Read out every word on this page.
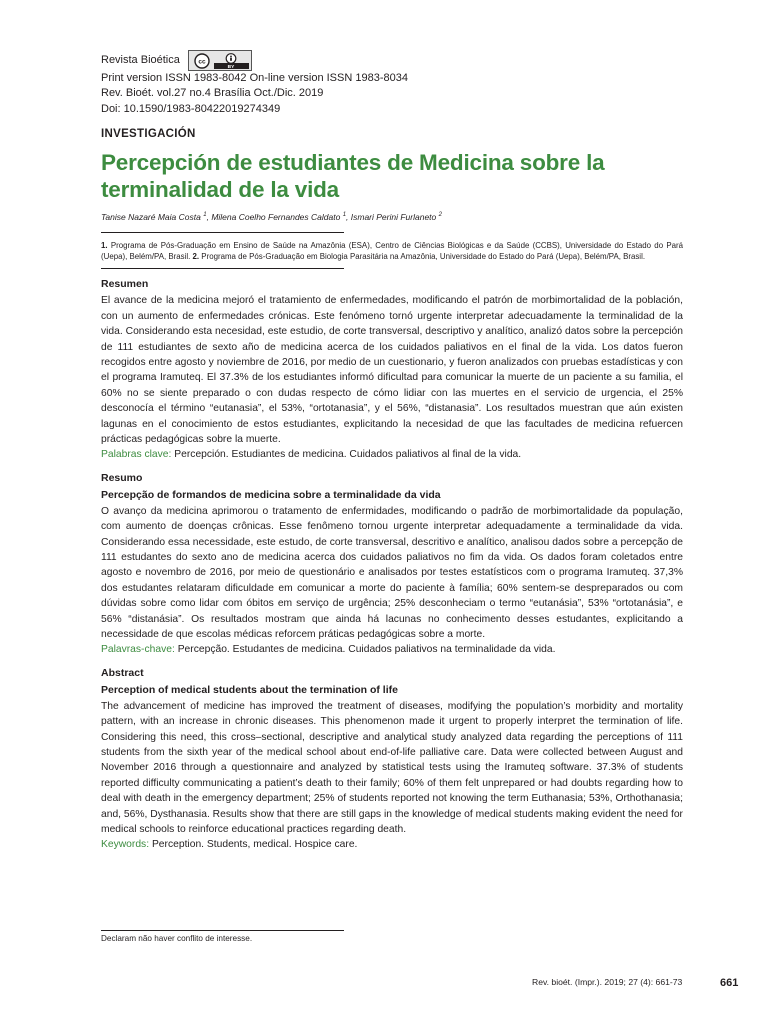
Revista Bioética	cc
BY
Print version ISSN 1983-8042 On-line version ISSN 1983-8034
Rev. Bioét. vol.27 no.4 Brasília Oct./Dic. 2019
Doi: 10.1590/1983-80422019274349
INVESTIGACIÓN
Percepción de estudiantes de Medicina sobre la
terminalidad de la vida
Tanise Nazaré Maia Costa $^1$, Milena Coelho Fernandes Caldato $^1$, Ismari Perini Furlaneto $^2$
1. Programa de Pós-Graduação em Ensino de Saúde na Amazônia (ESA), Centro de Ciências Biológicas e da Saúde (CCBS), Universidade do Estado do Pará (Uepa), Belém/PA, Brasil. 2. Programa de Pós-Graduação em Biologia Parasitária na Amazônia, Universidade do Estado do Pará (Uepa), Belém/PA, Brasil.
Resumen
El avance de la medicina mejoró el tratamiento de enfermedades, modificando el patrón de morbimortalidad de la población, con un aumento de enfermedades crónicas. Este fenómeno tornó urgente interpretar adecuadamente la terminalidad de la vida. Considerando esta necesidad, este estudio, de corte transversal, descriptivo y analítico, analizó datos sobre la percepción de 111 estudiantes de sexto año de medicina acerca de los cuidados paliativos en el final de la vida. Los datos fueron recogidos entre agosto y noviembre de 2016, por medio de un cuestionario, y fueron analizados con pruebas estadísticas y con el programa Iramuteq. El 37.3% de los estudiantes informó dificultad para comunicar la muerte de un paciente a su familia, el 60% no se siente preparado o con dudas respecto de cómo lidiar con las muertes en el servicio de urgencia, el 25% desconocía el término “eutanasia”, el 53%, “ortotanasia”, y el 56%, “distanasia”. Los resultados muestran que aún existen lagunas en el conocimiento de estos estudiantes, explicitando la necesidad de que las facultades de medicina refuercen prácticas pedagógicas sobre la muerte.
Palabras clave: Percepción. Estudiantes de medicina. Cuidados paliativos al final de la vida.
Resumo
Percepção de formandos de medicina sobre a terminalidade da vida
O avanço da medicina aprimorou o tratamento de enfermidades, modificando o padrão de morbimortalidade da população, com aumento de doenças crônicas. Esse fenômeno tornou urgente interpretar adequadamente a terminalidade da vida. Considerando essa necessidade, este estudo, de corte transversal, descritivo e analítico, analisou dados sobre a percepção de 111 estudantes do sexto ano de medicina acerca dos cuidados paliativos no fim da vida. Os dados foram coletados entre agosto e novembro de 2016, por meio de questionário e analisados por testes estatísticos com o programa Iramuteq. 37,3% dos estudantes relataram dificuldade em comunicar a morte do paciente à família; 60% sentem-se despreparados ou com dúvidas sobre como lidar com óbitos em serviço de urgência; 25% desconheciam o termo “eutanásia”, 53% “ortotanásia”, e 56% “distanásia”. Os resultados mostram que ainda há lacunas no conhecimento desses estudantes, explicitando a necessidade de que escolas médicas reforcem práticas pedagógicas sobre a morte.
Palavras-chave: Percepção. Estudantes de medicina. Cuidados paliativos na terminalidade da vida.
Abstract
Perception of medical students about the termination of life
The advancement of medicine has improved the treatment of diseases, modifying the population’s morbidity and mortality pattern, with an increase in chronic diseases. This phenomenon made it urgent to properly interpret the termination of life. Considering this need, this cross–sectional, descriptive and analytical study analyzed data regarding the perceptions of 111 students from the sixth year of the medical school about end-of-life palliative care. Data were collected between August and November 2016 through a questionnaire and analyzed by statistical tests using the Iramuteq software. 37.3% of students reported difficulty communicating a patient’s death to their family; 60% of them felt unprepared or had doubts regarding how to deal with death in the emergency department; 25% of students reported not knowing the term Euthanasia; 53%, Orthothanasia; and, 56%, Dysthanasia. Results show that there are still gaps in the knowledge of medical students making evident the need for medical schools to reinforce educational practices regarding death.
Keywords: Perception. Students, medical. Hospice care.
Declaram não haver conflito de interesse.
Rev. bioét. (Impr.). 2019; 27 (4): 661-73	661
